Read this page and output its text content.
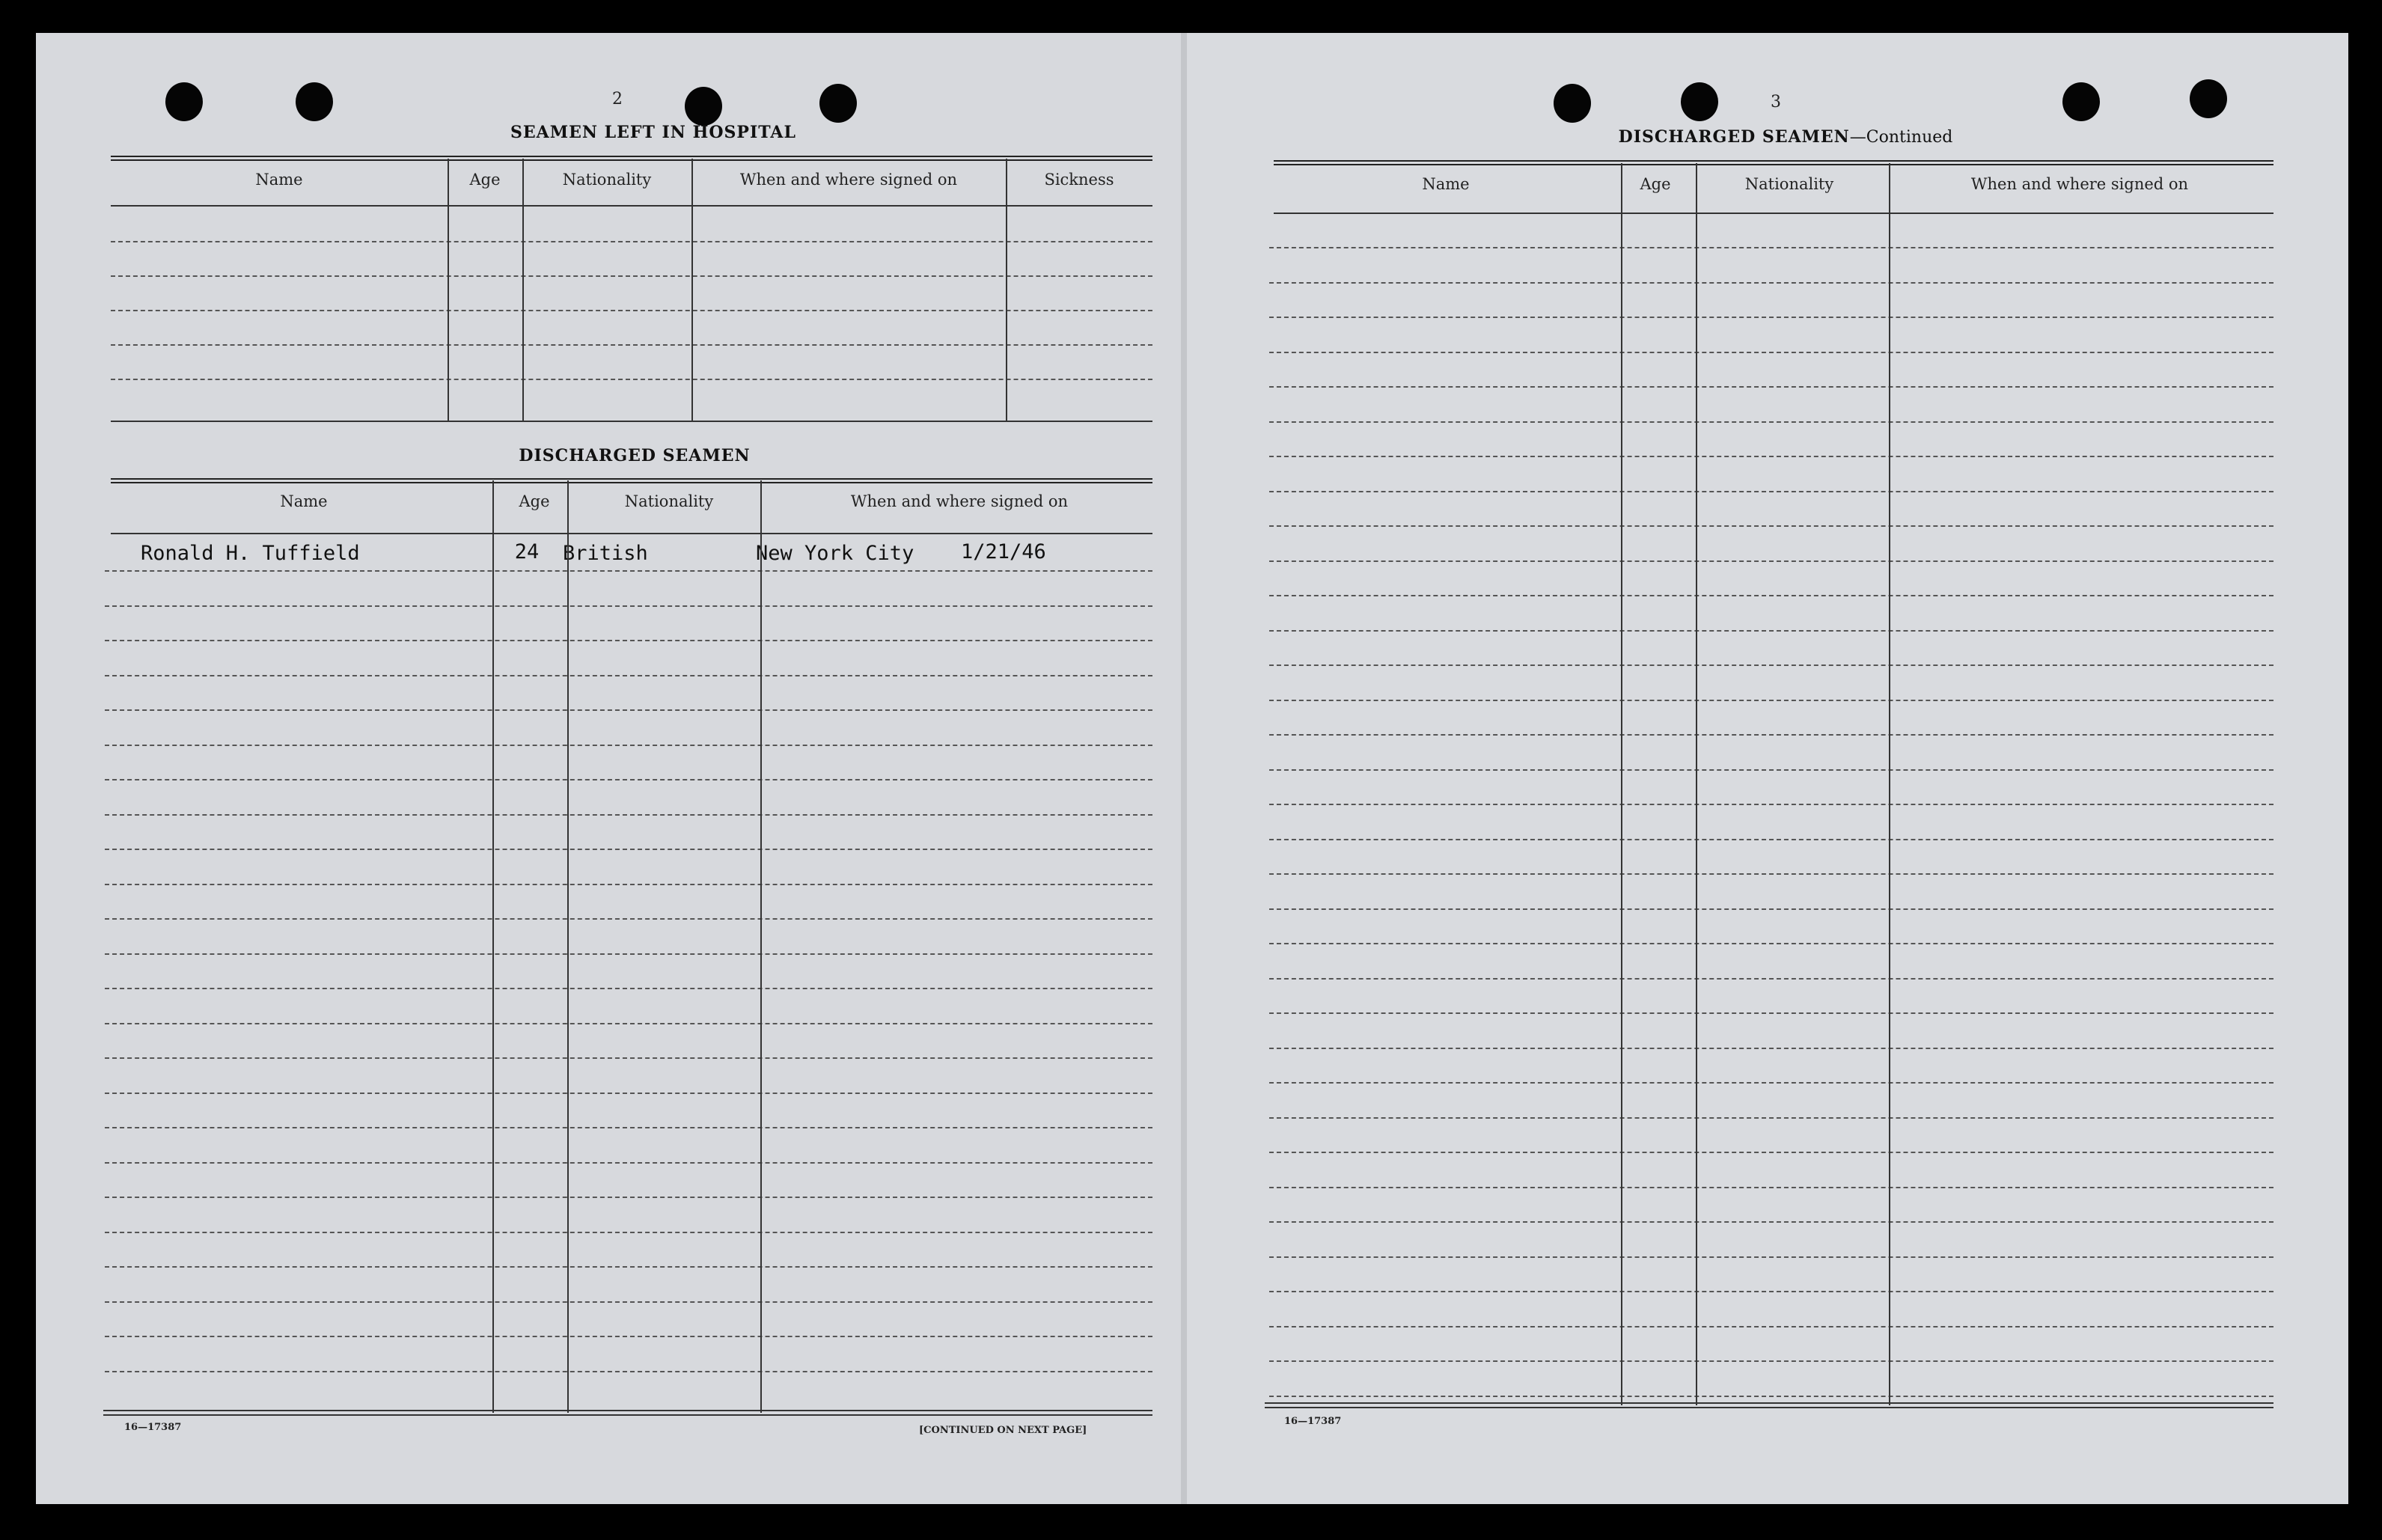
2
SEAMEN LEFT IN HOSPITAL
Name	Age	Nationality	When and where signed on	Sickness
DISCHARGED SEAMEN
Name	Age	Nationality	When and where signed on
Ronald H. Tuffield	24	British	New York City 1/21/46
16—17387	[CONTINUED ON NEXT PAGE]
3
DISCHARGED SEAMEN—Continued
Name	Age	Nationality	When and where signed on
16—17387
